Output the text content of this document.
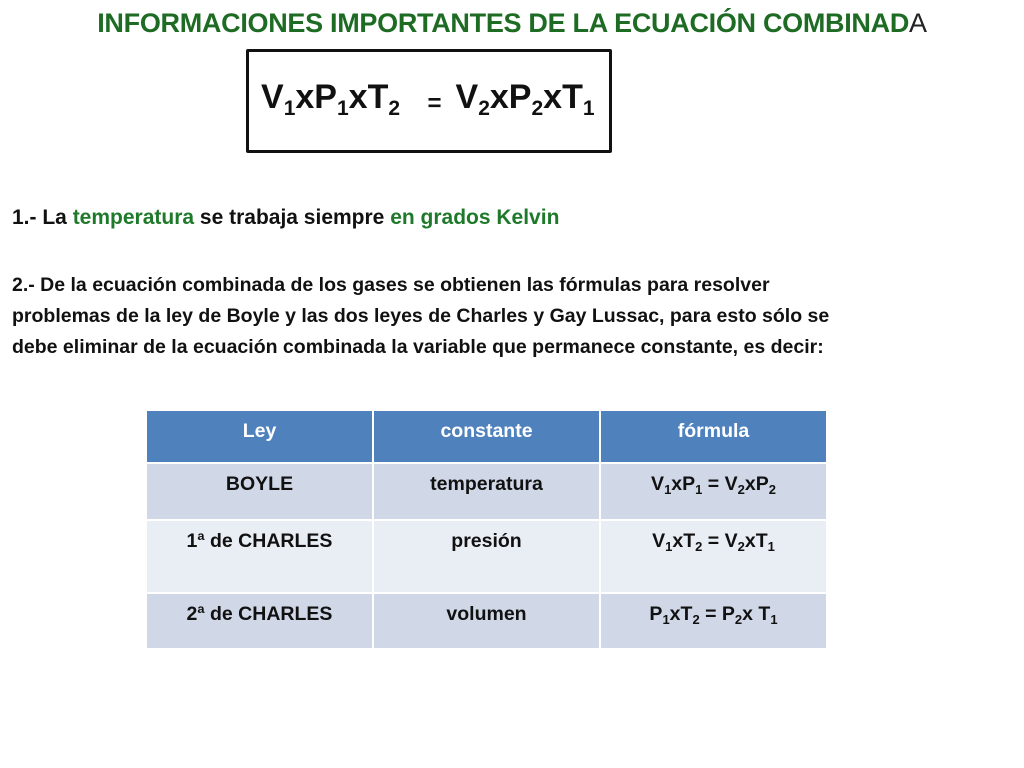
INFORMACIONES IMPORTANTES DE LA ECUACIÓN COMBINADA
$V_1xP_1xT_2 = V_2xP_2xT_1$
1.- La temperatura se trabaja siempre en grados Kelvin
2.- De la ecuación combinada de los gases se obtienen las fórmulas para resolver
problemas de la ley de Boyle y las dos leyes de Charles y Gay Lussac, para esto sólo se
debe eliminar de la ecuación combinada la variable que permanece constante, es decir:
Ley	constante	fórmula
BOYLE	temperatura	$V_1xP_1 = V_2xP_2$
1ª de CHARLES	presión	$V_1xT_2 = V_2xT_1$
2ª de CHARLES	volumen	$P_1xT_2 = P_2x$ $T_1$
